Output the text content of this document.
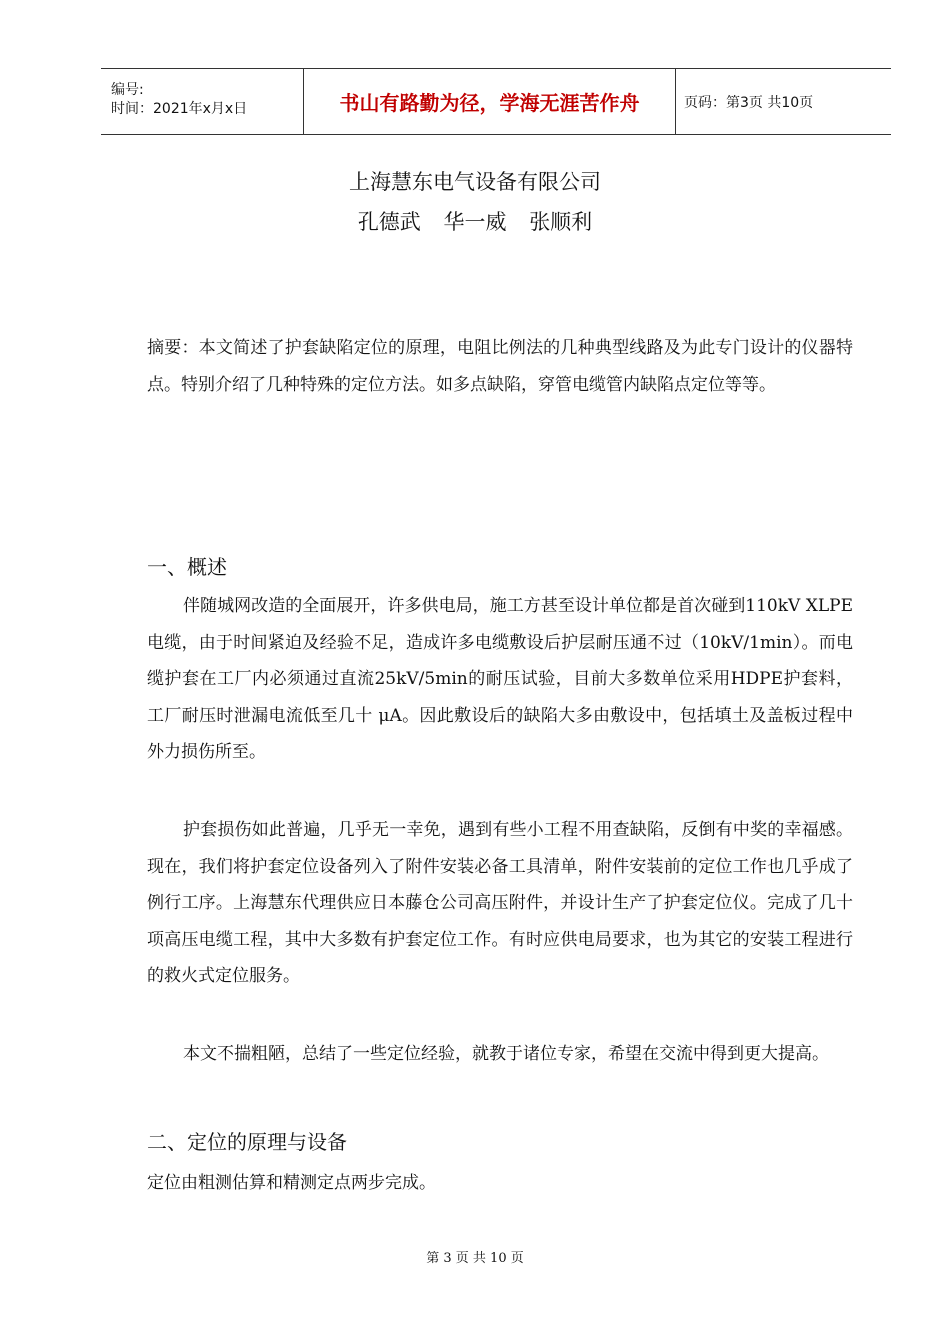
编号:
时间：2021年x月x日	书山有路勤为径，学海无涯苦作舟	页码：第3页 共10页
上海慧东电气设备有限公司
孔德武 华一威 张顺利

摘要：本文简述了护套缺陷定位的原理，电阻比例法的几种典型线路及为此专门设计的仪器特点。特别介绍了几种特殊的定位方法。如多点缺陷，穿管电缆管内缺陷点定位等等。

一、概述

伴随城网改造的全面展开，许多供电局，施工方甚至设计单位都是首次碰到110kV XLPE电缆，由于时间紧迫及经验不足，造成许多电缆敷设后护层耐压通不过（10kV/1min）。而电缆护套在工厂内必须通过直流25kV/5min的耐压试验，目前大多数单位采用HDPE护套料，工厂耐压时泄漏电流低至几十 μA。因此敷设后的缺陷大多由敷设中，包括填土及盖板过程中外力损伤所至。

护套损伤如此普遍，几乎无一幸免，遇到有些小工程不用查缺陷，反倒有中奖的幸福感。现在，我们将护套定位设备列入了附件安装必备工具清单，附件安装前的定位工作也几乎成了例行工序。上海慧东代理供应日本藤仓公司高压附件，并设计生产了护套定位仪。完成了几十项高压电缆工程，其中大多数有护套定位工作。有时应供电局要求，也为其它的安装工程进行的救火式定位服务。

本文不揣粗陋，总结了一些定位经验，就教于诸位专家，希望在交流中得到更大提高。

二、定位的原理与设备

定位由粗测估算和精测定点两步完成。

第 3 页 共 10 页
